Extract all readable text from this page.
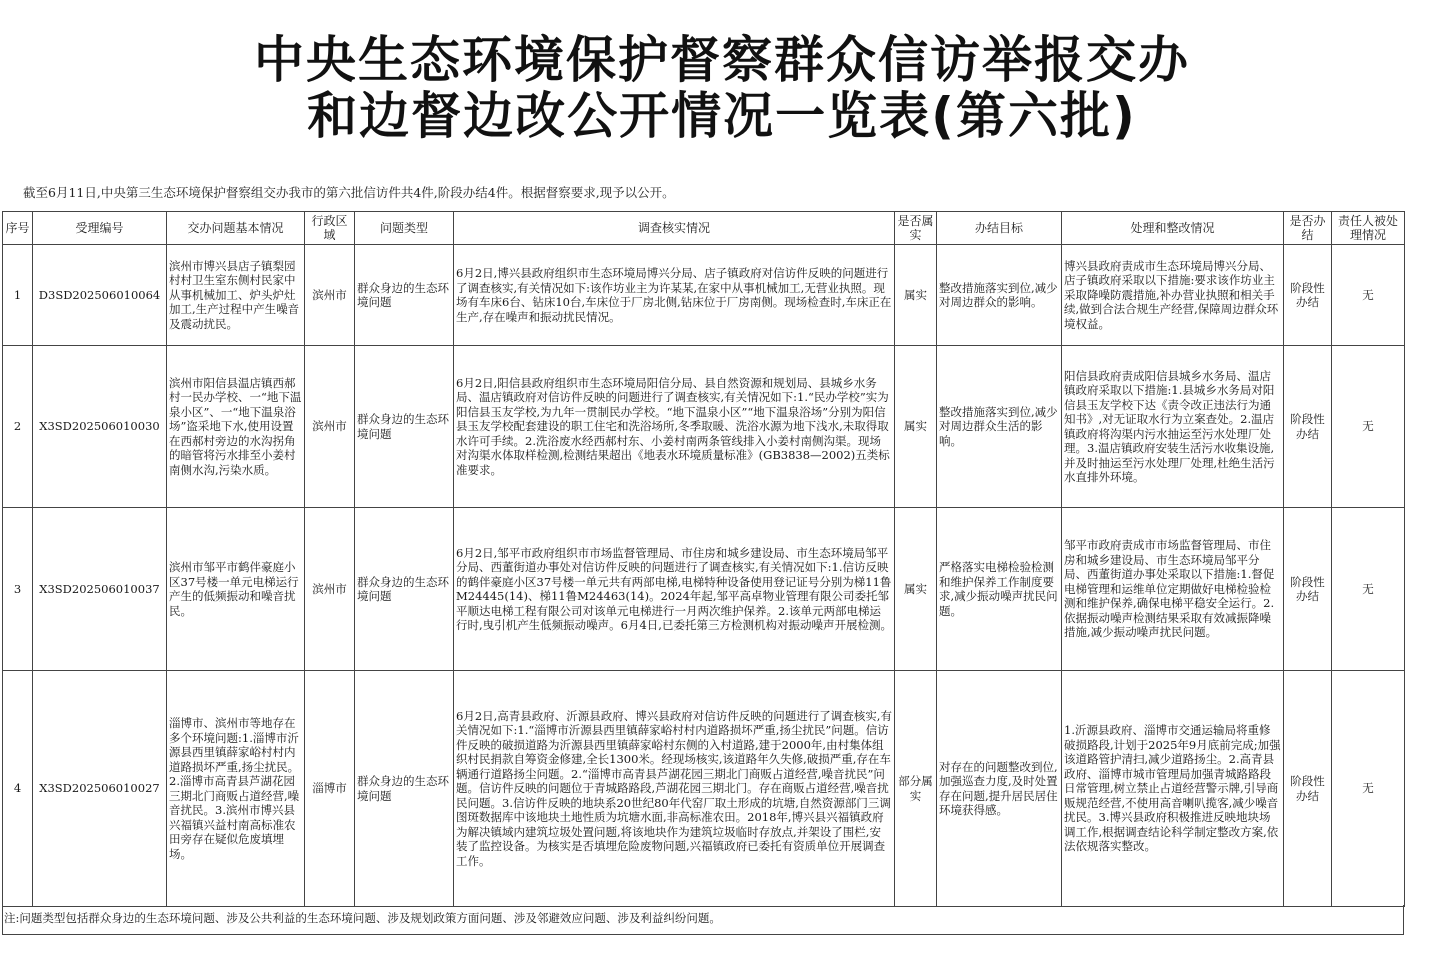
中央生态环境保护督察群众信访举报交办
和边督边改公开情况一览表(第六批)
截至6月11日,中央第三生态环境保护督察组交办我市的第六批信访件共4件,阶段办结4件。根据督察要求,现予以公开。
序号	受理编号	交办问题基本情况	行政区域	问题类型	调查核实情况	是否属实	办结目标	处理和整改情况	是否办结	责任人被处理情况
1	D3SD202506010064	滨州市博兴县店子镇梨园村村卫生室东侧村民家中从事机械加工、炉头炉灶加工,生产过程中产生噪音及震动扰民。	滨州市	群众身边的生态环境问题	6月2日,博兴县政府组织市生态环境局博兴分局、店子镇政府对信访件反映的问题进行了调查核实,有关情况如下:该作坊业主为许某某,在家中从事机械加工,无营业执照。现场有车床6台、钻床10台,车床位于厂房北侧,钻床位于厂房南侧。现场检查时,车床正在生产,存在噪声和振动扰民情况。	属实	整改措施落实到位,减少对周边群众的影响。	博兴县政府责成市生态环境局博兴分局、店子镇政府采取以下措施:要求该作坊业主采取降噪防震措施,补办营业执照和相关手续,做到合法合规生产经营,保障周边群众环境权益。	阶段性办结	无
2	X3SD202506010030	滨州市阳信县温店镇西郝村一民办学校、一“地下温泉小区”、一“地下温泉浴场”盗采地下水,使用设置在西郝村旁边的水沟拐角的暗管将污水排至小姜村南侧水沟,污染水质。	滨州市	群众身边的生态环境问题	6月2日,阳信县政府组织市生态环境局阳信分局、县自然资源和规划局、县城乡水务局、温店镇政府对信访件反映的问题进行了调查核实,有关情况如下:1.“民办学校”实为阳信县玉友学校,为九年一贯制民办学校。“地下温泉小区”“地下温泉浴场”分别为阳信县玉友学校配套建设的职工住宅和洗浴场所,冬季取暖、洗浴水源为地下浅水,未取得取水许可手续。2.洗浴废水经西郝村东、小姜村南两条管线排入小姜村南侧沟渠。现场对沟渠水体取样检测,检测结果超出《地表水环境质量标准》(GB3838—2002)五类标准要求。	属实	整改措施落实到位,减少对周边群众生活的影响。	阳信县政府责成阳信县城乡水务局、温店镇政府采取以下措施:1.县城乡水务局对阳信县玉友学校下达《责令改正违法行为通知书》,对无证取水行为立案查处。2.温店镇政府将沟渠内污水抽运至污水处理厂处理。3.温店镇政府安装生活污水收集设施,并及时抽运至污水处理厂处理,杜绝生活污水直排外环境。	阶段性办结	无
3	X3SD202506010037	滨州市邹平市鹤伴豪庭小区37号楼一单元电梯运行产生的低频振动和噪音扰民。	滨州市	群众身边的生态环境问题	6月2日,邹平市政府组织市市场监督管理局、市住房和城乡建设局、市生态环境局邹平分局、西董街道办事处对信访件反映的问题进行了调查核实,有关情况如下:1.信访反映的鹤伴豪庭小区37号楼一单元共有两部电梯,电梯特种设备使用登记证号分别为梯11鲁M24445(14)、梯11鲁M24463(14)。2024年起,邹平高卓物业管理有限公司委托邹平顺达电梯工程有限公司对该单元电梯进行一月两次维护保养。2.该单元两部电梯运行时,曳引机产生低频振动噪声。6月4日,已委托第三方检测机构对振动噪声开展检测。	属实	严格落实电梯检验检测和维护保养工作制度要求,减少振动噪声扰民问题。	邹平市政府责成市市场监督管理局、市住房和城乡建设局、市生态环境局邹平分局、西董街道办事处采取以下措施:1.督促电梯管理和运维单位定期做好电梯检验检测和维护保养,确保电梯平稳安全运行。2.依据振动噪声检测结果采取有效减振降噪措施,减少振动噪声扰民问题。	阶段性办结	无
4	X3SD202506010027	淄博市、滨州市等地存在多个环境问题:1.淄博市沂源县西里镇薛家峪村村内道路损坏严重,扬尘扰民。2.淄博市高青县芦湖花园三期北门商贩占道经营,噪音扰民。3.滨州市博兴县兴福镇兴益村南高标准农田旁存在疑似危废填埋场。	淄博市	群众身边的生态环境问题	6月2日,高青县政府、沂源县政府、博兴县政府对信访件反映的问题进行了调查核实,有关情况如下:1.“淄博市沂源县西里镇薛家峪村村内道路损坏严重,扬尘扰民”问题。信访件反映的破损道路为沂源县西里镇薛家峪村东侧的入村道路,建于2000年,由村集体组织村民捐款自筹资金修建,全长1300米。经现场核实,该道路年久失修,破损严重,存在车辆通行道路扬尘问题。2.“淄博市高青县芦湖花园三期北门商贩占道经营,噪音扰民”问题。信访件反映的问题位于青城路路段,芦湖花园三期北门。存在商贩占道经营,噪音扰民问题。3.信访件反映的地块系20世纪80年代窑厂取土形成的坑塘,自然资源部门三调图斑数据库中该地块土地性质为坑塘水面,非高标准农田。2018年,博兴县兴福镇政府为解决镇域内建筑垃圾处置问题,将该地块作为建筑垃圾临时存放点,并架设了围栏,安装了监控设备。为核实是否填埋危险废物问题,兴福镇政府已委托有资质单位开展调查工作。	部分属实	对存在的问题整改到位,加强巡查力度,及时处置存在问题,提升居民居住环境获得感。	1.沂源县政府、淄博市交通运输局将重修破损路段,计划于2025年9月底前完成;加强该道路管护清扫,减少道路扬尘。2.高青县政府、淄博市城市管理局加强青城路路段日常管理,树立禁止占道经营警示牌,引导商贩规范经营,不使用高音喇叭揽客,减少噪音扰民。3.博兴县政府积极推进反映地块场调工作,根据调查结论科学制定整改方案,依法依规落实整改。	阶段性办结	无
注:问题类型包括群众身边的生态环境问题、涉及公共利益的生态环境问题、涉及规划政策方面问题、涉及邻避效应问题、涉及利益纠纷问题。
